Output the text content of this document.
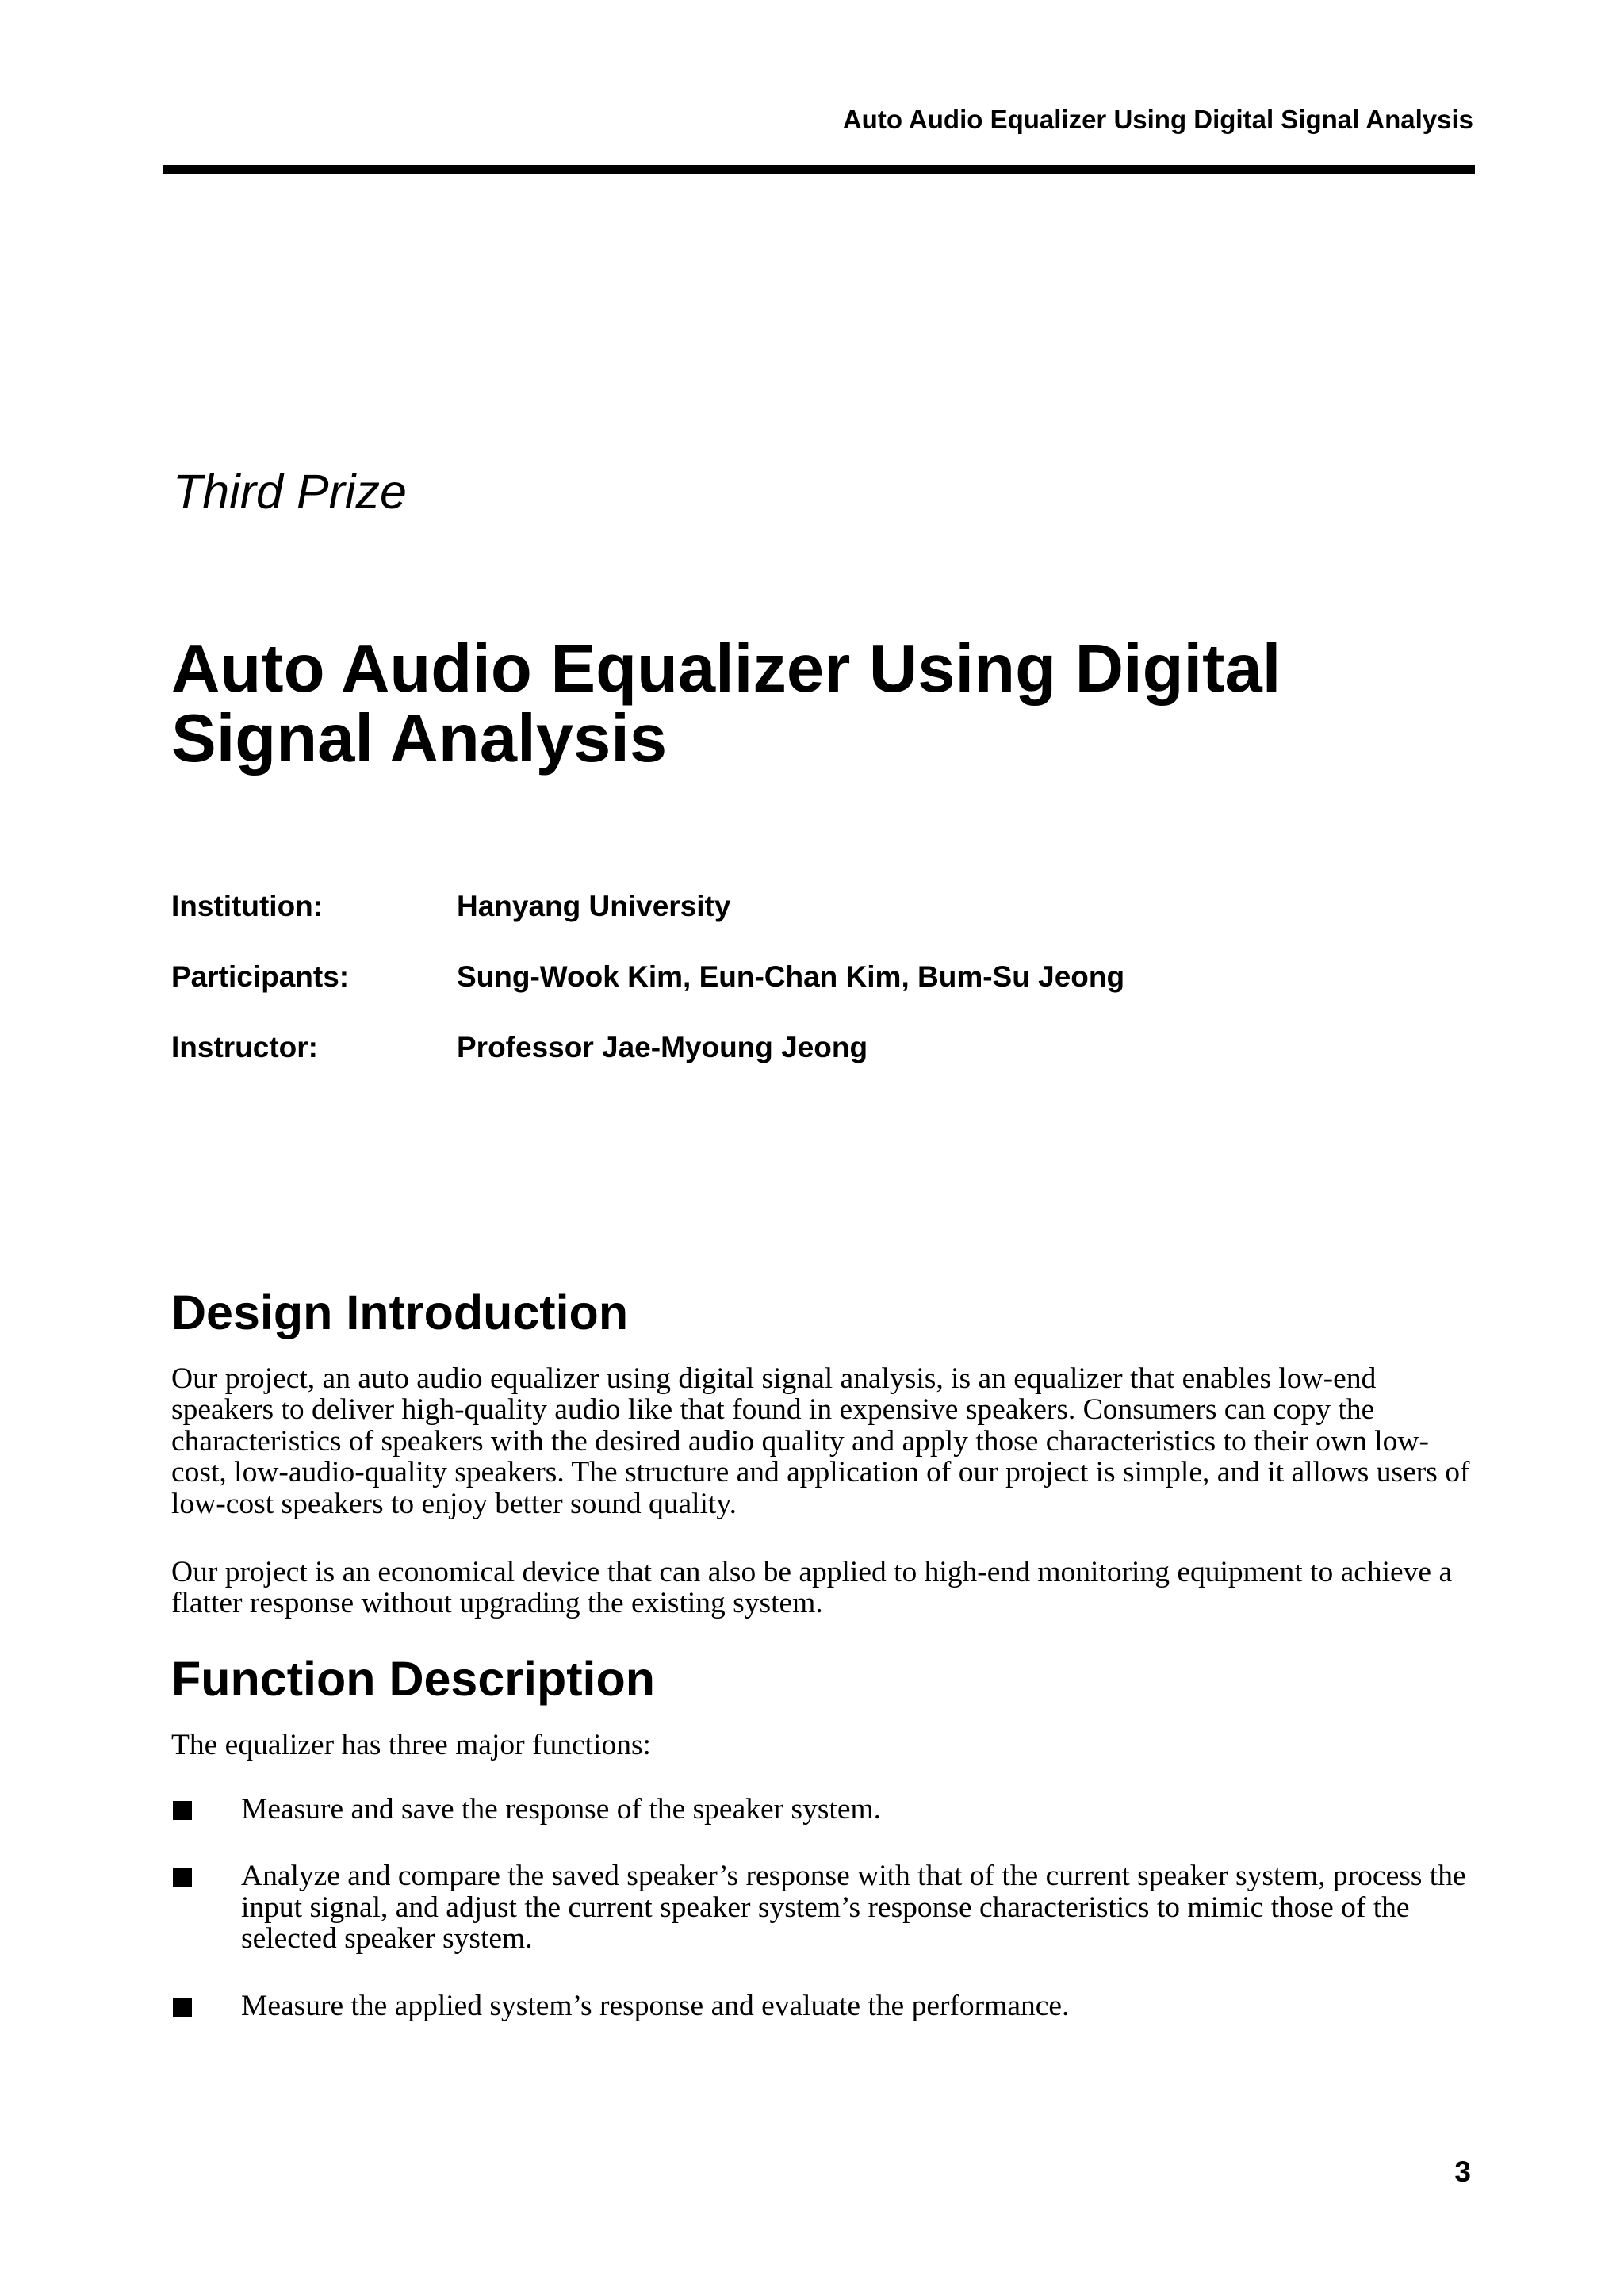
Auto Audio Equalizer Using Digital Signal Analysis
Third Prize
Auto Audio Equalizer Using Digital
Signal Analysis
Institution:	Hanyang University
Participants:	Sung-Wook Kim, Eun-Chan Kim, Bum-Su Jeong
Instructor:	Professor Jae-Myoung Jeong
Design Introduction

Our project, an auto audio equalizer using digital signal analysis, is an equalizer that enables low-end speakers to deliver high-quality audio like that found in expensive speakers. Consumers can copy the characteristics of speakers with the desired audio quality and apply those characteristics to their own low-cost, low-audio-quality speakers. The structure and application of our project is simple, and it allows users of low-cost speakers to enjoy better sound quality.

Our project is an economical device that can also be applied to high-end monitoring equipment to achieve a flatter response without upgrading the existing system.

Function Description

The equalizer has three major functions:

Measure and save the response of the speaker system.
Analyze and compare the saved speaker’s response with that of the current speaker system, process the input signal, and adjust the current speaker system’s response characteristics to mimic those of the selected speaker system.
Measure the applied system’s response and evaluate the performance.
3
